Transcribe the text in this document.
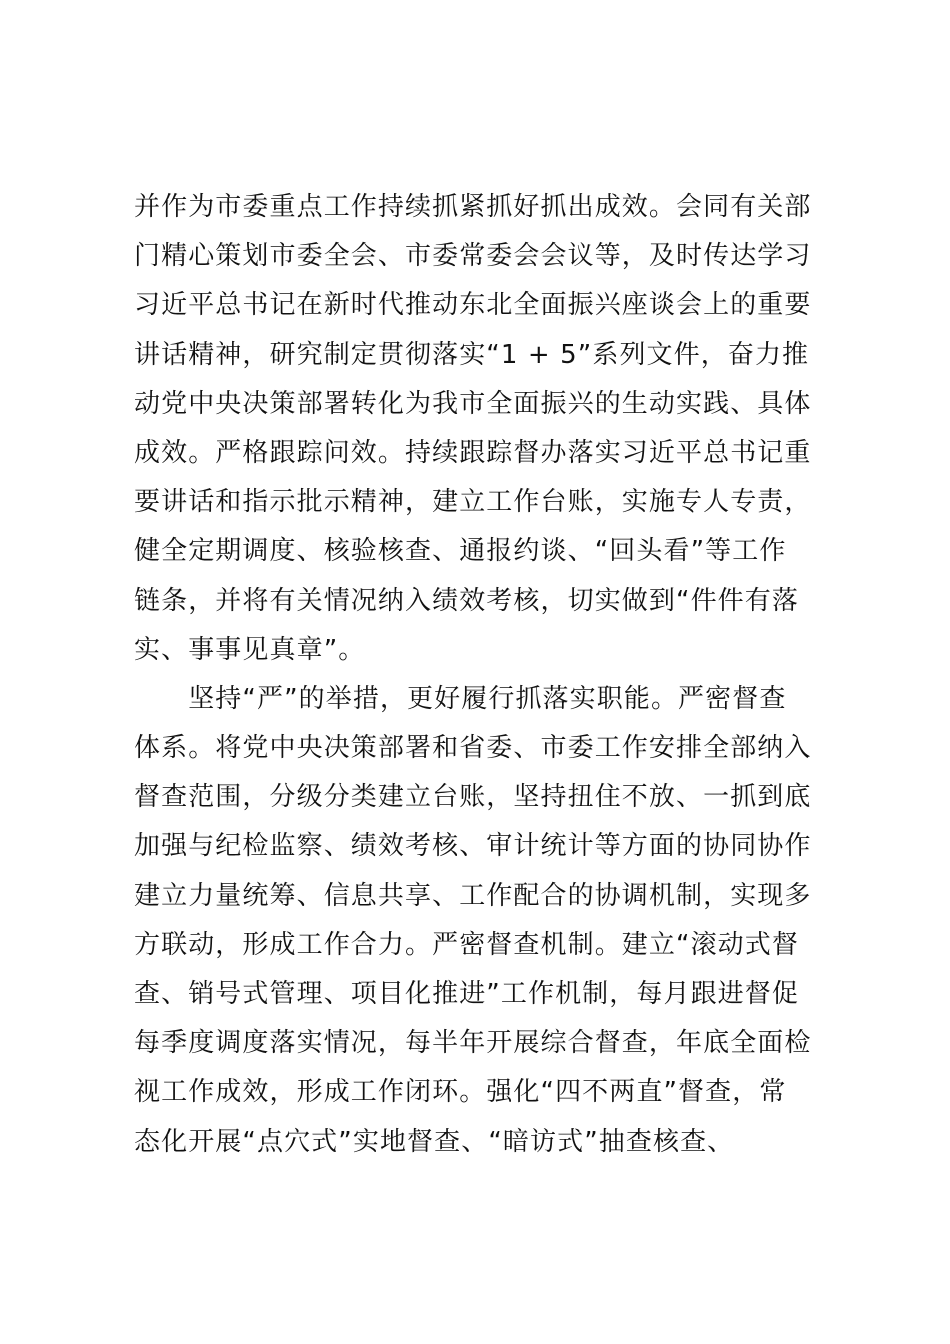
并作为市委重点工作持续抓紧抓好抓出成效。会同有关部
门精心策划市委全会、市委常委会会议等，及时传达学习
习近平总书记在新时代推动东北全面振兴座谈会上的重要
讲话精神，研究制定贯彻落实“1 + 5”系列文件，奋力推
动党中央决策部署转化为我市全面振兴的生动实践、具体
成效。严格跟踪问效。持续跟踪督办落实习近平总书记重
要讲话和指示批示精神，建立工作台账，实施专人专责，
健全定期调度、核验核查、通报约谈、“回头看”等工作
链条，并将有关情况纳入绩效考核，切实做到“件件有落
实、事事见真章”。
　　坚持“严”的举措，更好履行抓落实职能。严密督查
体系。将党中央决策部署和省委、市委工作安排全部纳入
督查范围，分级分类建立台账，坚持扭住不放、一抓到底
加强与纪检监察、绩效考核、审计统计等方面的协同协作
建立力量统筹、信息共享、工作配合的协调机制，实现多
方联动，形成工作合力。严密督查机制。建立“滚动式督
查、销号式管理、项目化推进”工作机制，每月跟进督促
每季度调度落实情况，每半年开展综合督查，年底全面检
视工作成效，形成工作闭环。强化“四不两直”督查，常
态化开展“点穴式”实地督查、“暗访式”抽查核查、
